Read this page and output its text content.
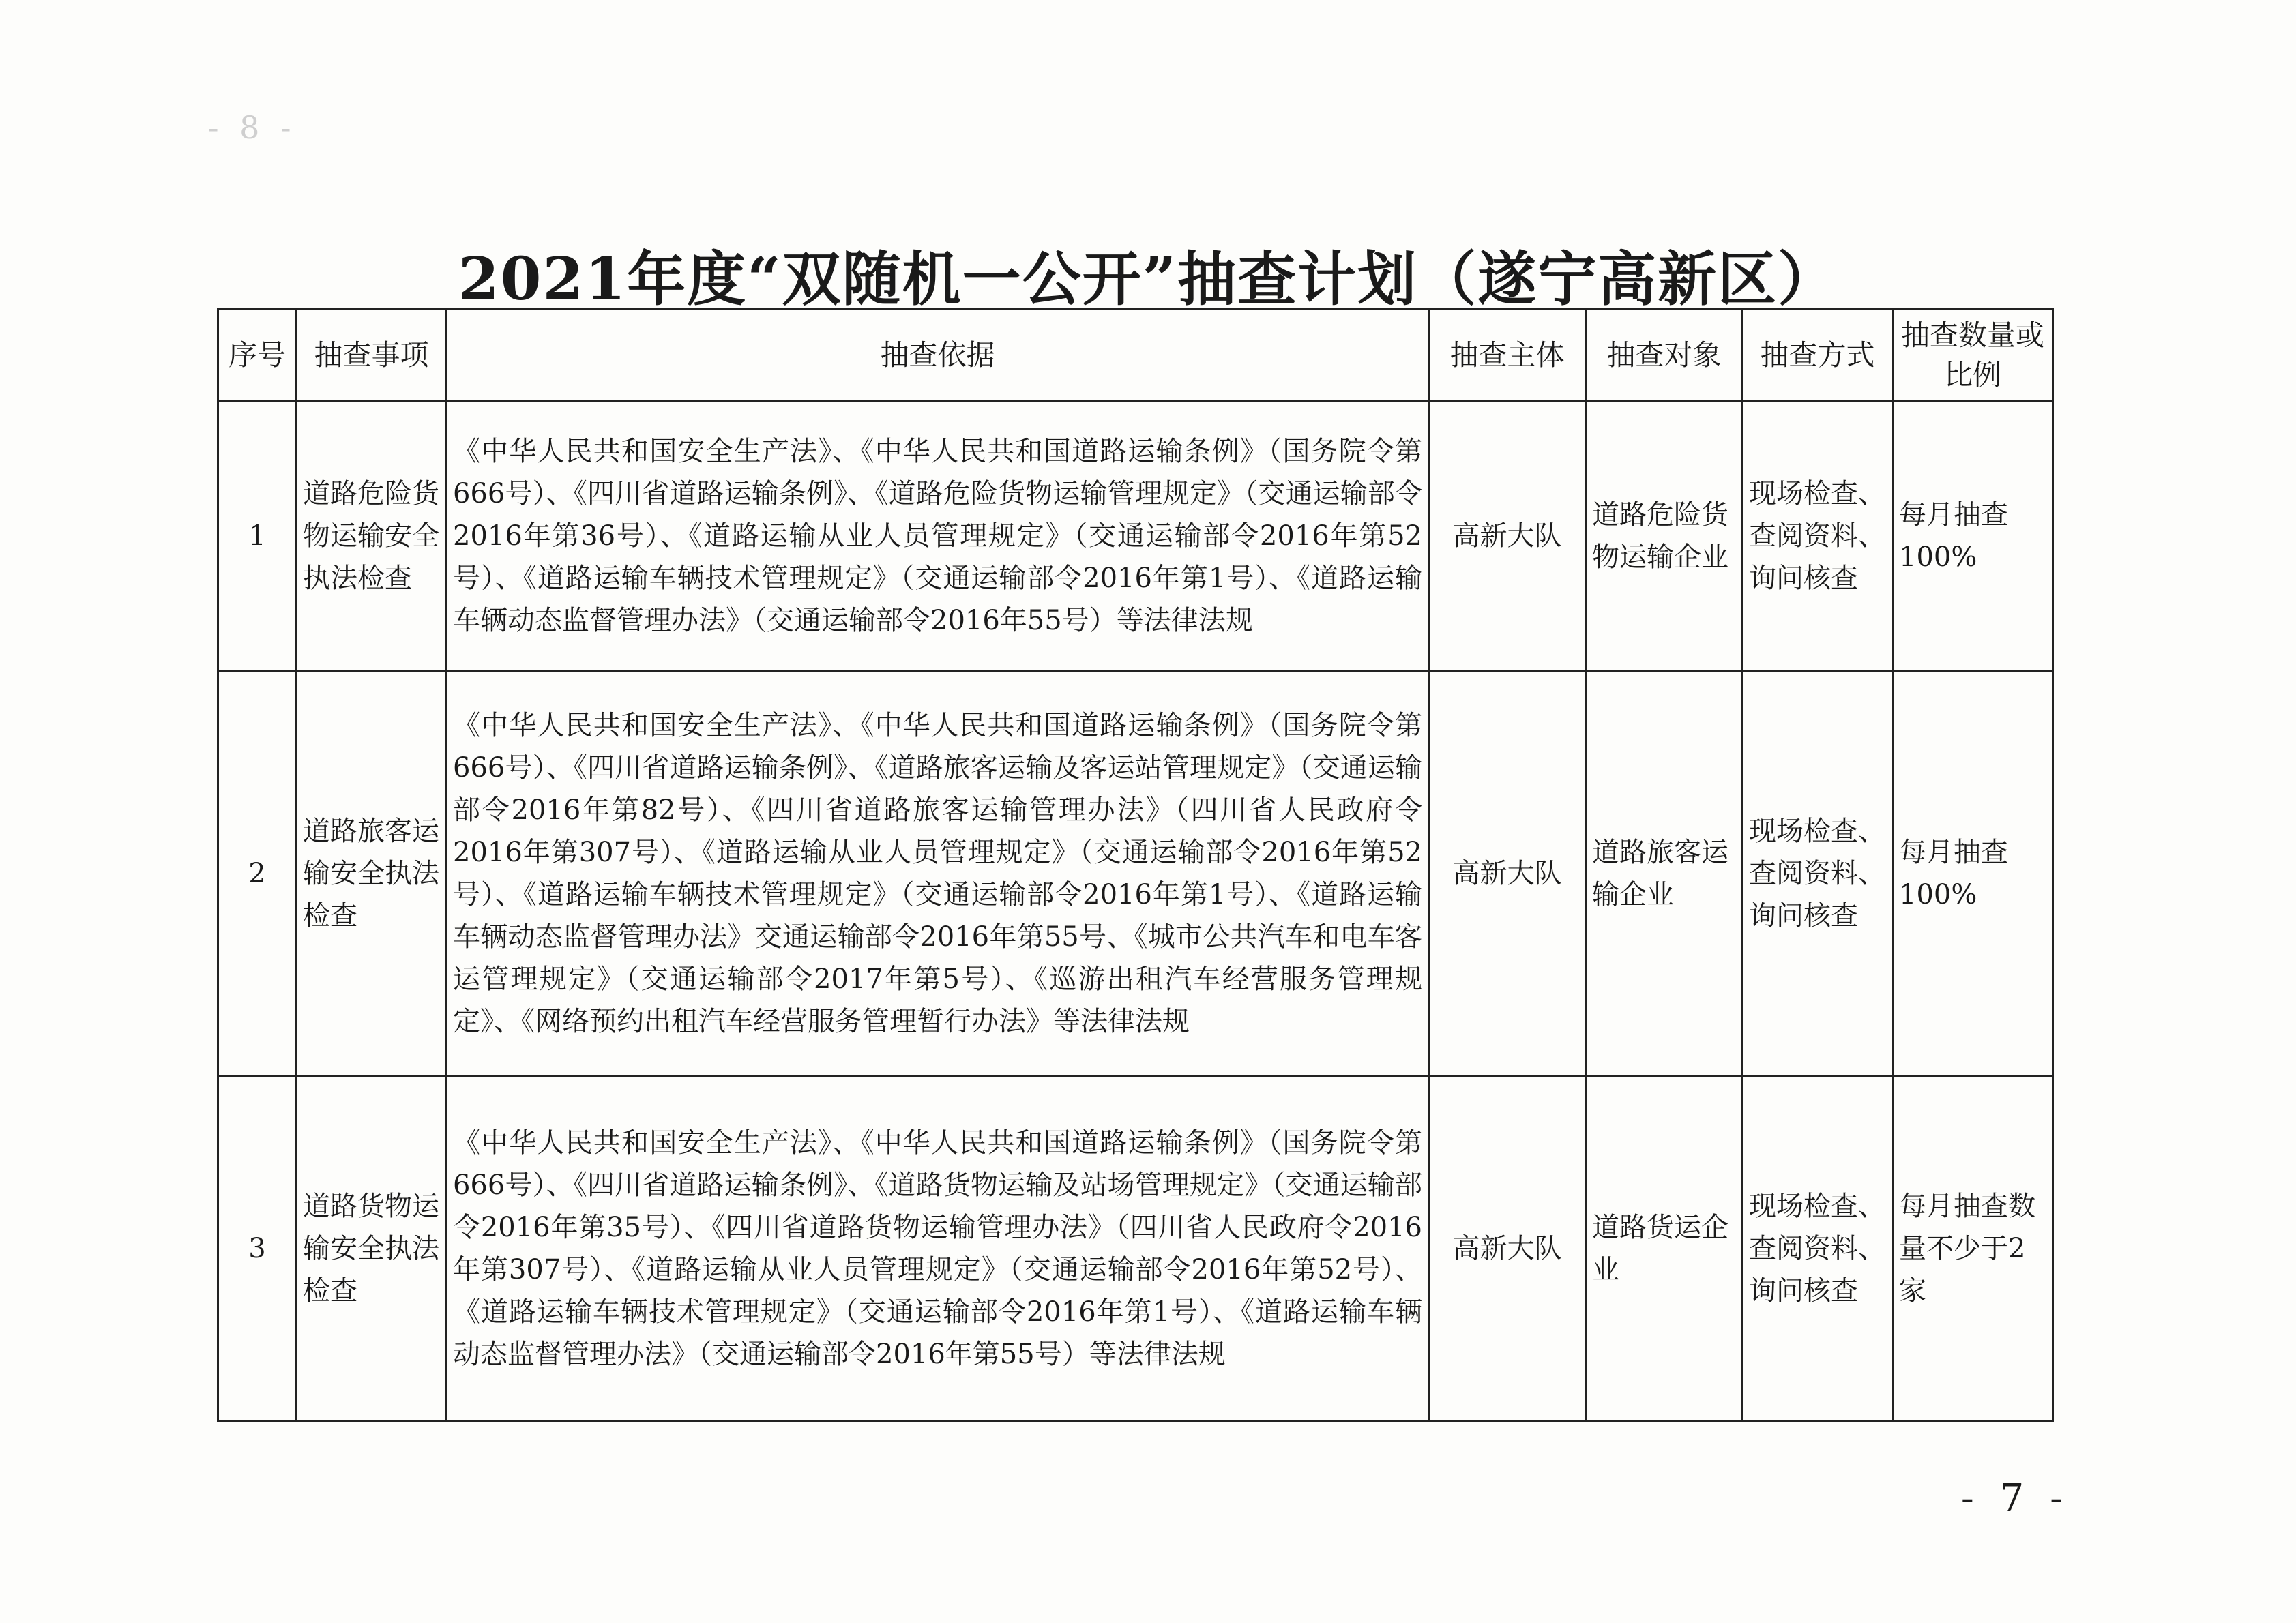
- 8 -
2021年度“双随机一公开”抽查计划（遂宁高新区）
序号	抽查事项	抽查依据	抽查主体	抽查对象	抽查方式	抽查数量或比例
1	道路危险货物运输安全执法检查	《中华人民共和国安全生产法》、《中华人民共和国道路运输条例》（国务院令第666号）、《四川省道路运输条例》、《道路危险货物运输管理规定》（交通运输部令2016年第36号）、《道路运输从业人员管理规定》（交通运输部令2016年第52号）、《道路运输车辆技术管理规定》（交通运输部令2016年第1号）、《道路运输车辆动态监督管理办法》（交通运输部令2016年55号）等法律法规	高新大队	道路危险货物运输企业	现场检查、查阅资料、询问核查	每月抽查100%
2	道路旅客运输安全执法检查	《中华人民共和国安全生产法》、《中华人民共和国道路运输条例》（国务院令第666号）、《四川省道路运输条例》、《道路旅客运输及客运站管理规定》（交通运输部令2016年第82号）、《四川省道路旅客运输管理办法》（四川省人民政府令2016年第307号）、《道路运输从业人员管理规定》（交通运输部令2016年第52号）、《道路运输车辆技术管理规定》（交通运输部令2016年第1号）、《道路运输车辆动态监督管理办法》交通运输部令2016年第55号、《城市公共汽车和电车客运管理规定》（交通运输部令2017年第5号）、《巡游出租汽车经营服务管理规定》、《网络预约出租汽车经营服务管理暂行办法》等法律法规	高新大队	道路旅客运输企业	现场检查、查阅资料、询问核查	每月抽查100%
3	道路货物运输安全执法检查	《中华人民共和国安全生产法》、《中华人民共和国道路运输条例》（国务院令第666号）、《四川省道路运输条例》、《道路货物运输及站场管理规定》（交通运输部令2016年第35号）、《四川省道路货物运输管理办法》（四川省人民政府令2016年第307号）、《道路运输从业人员管理规定》（交通运输部令2016年第52号）、《道路运输车辆技术管理规定》（交通运输部令2016年第1号）、《道路运输车辆动态监督管理办法》（交通运输部令2016年第55号）等法律法规	高新大队	道路货运企业	现场检查、查阅资料、询问核查	每月抽查数量不少于2家
- 7 -
